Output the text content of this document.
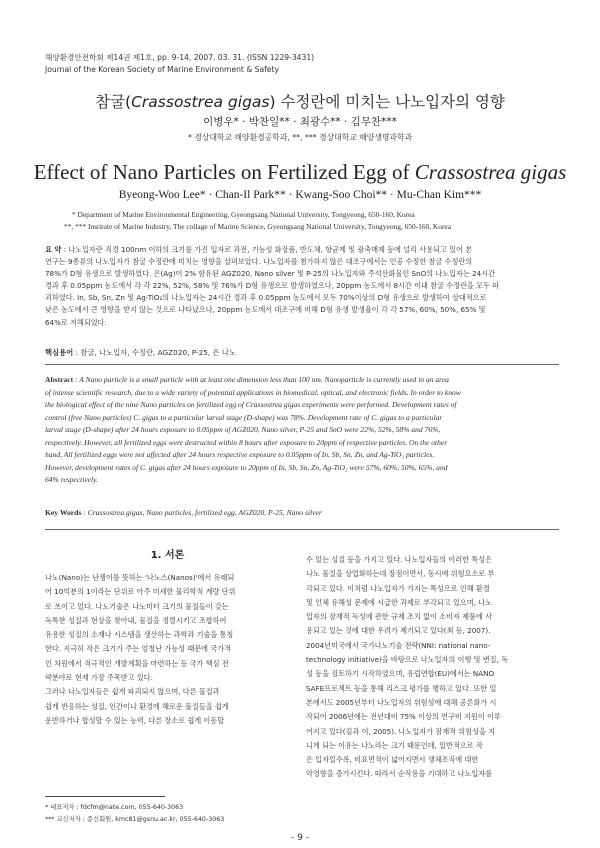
해양환경안전학회 제14권 제1호, pp. 9-14, 2007. 03. 31. (ISSN 1229-3431)
Journal of the Korean Society of Marine Environment & Safety
참굴(Crassostrea gigas) 수정란에 미치는 나노입자의 영향
이병우* · 박찬일** · 최광수** · 김무찬***
* 경상대학교 해양환경공학과, **, *** 경상대학교 해양생명과학과
Effect of Nano Particles on Fertilized Egg of Crassostrea gigas
Byeong-Woo Lee* · Chan-Il Park** · Kwang-Soo Choi** · Mu-Chan Kim***
* Department of Marine Environmental Engineering, Gyeongsang National University, Tongyeong, 650-160, Korea
**, *** Institute of Marine Industry, The collage of Marine Science, Gyeongsang National University, Tongyeong, 650-160, Korea
요 약 : 나노입자란 직경 100nm 이하의 크기를 가진 입자로 과전, 기능성 화장품, 반도체, 항균제 및 광촉매제 등에 널리 사용되고 있어 본
연구는 9종류의 나노입자가 참굴 수정란에 미치는 영향을 살펴보았다. 나노입자를 첨가하지 않은 대조구에서는 인공 수정한 참굴 수정란의
78%가 D형 유생으로 발생하였다. 은(Ag)이 2% 함유된 AGZ020, Nano silver 및 P-25의 나노입자와 주석산화물인 SnO의 나노입자는 24시간
경과 후 0.05ppm 농도에서 각 각 22%, 52%, 58% 및 76%가 D형 유생으로 발생하였으나, 20ppm 농도에서 8시간 이내 참굴 수정란을 모두 파
괴하였다. In, Sb, Sn, Zn 및 Ag-TiO₂의 나노입자는 24시간 경과 후 0.05ppm 농도에서 모두 70%이상의 D형 유생으로 발생하여 상대적으로
낮은 농도에서 큰 영향을 받지 않는 것으로 나타났으나, 20ppm 농도에서 대조구에 비해 D형 유생 발생율이 각 각 57%, 60%, 50%, 65% 및
64%로 저해되었다.
핵심용어 : 참굴, 나노입자, 수정란, AGZ020, P-25, 은 나노
Abstract : A Nano particle is a small particle with at least one dimension less than 100 nm. Nanoparticle is currently used in an area
of intense scientific research, due to a wide variety of potential applications in biomedical, optical, and electronic fields. In order to know
the biological effect of the nine Nano particles on fertilized egg of Crassostrea gigas experiments were performed. Development rates of
control (free Nano particles) C. gigas to a particular larval stage (D-shape) was 78%. Development rate of C. gigas to a particular
larval stage (D-shape) after 24 hours exposure to 0.05ppm of AGZ020, Nano silver, P-25 and SnO were 22%, 52%, 58% and 76%,
respectively. However, all fertilized eggs were destructed within 8 hours after exposure to 20ppm of respective particles. On the other
hand, All fertilized eggs were not affected after 24 hours respective exposure to 0.05ppm of In, Sb, Sn, Zn, and Ag-TiO₂ particles.
However, development rates of C. gigas after 24 hours exposure to 20ppm of In, Sb, Sn, Zn, Ag-TiO₂ were 57%, 60%, 50%, 65%, and
64% respectively.
Key Words : Crassostrea gigas, Nano particles, fertilized egg, AGZ020, P-25, Nano silver
1. 서론
나노(Nano)는 난쟁이를 뜻하는 '나노스(Nanos)'에서 유래되
어 10억분의 1이라는 단위로 아주 미세한 물리학적 계량 단위
로 쓰이고 있다. 나노기술은 나노미터 크기의 물질들이 갖는
독특한 성질과 현상을 찾아내, 물질을 정렬시키고 조합하여
유용한 성질의 소재나 시스템을 생산하는 과학과 기술을 통칭
한다. 지극히 작은 크기가 주는 엄청난 가능성 때문에 국가적
인 차원에서 적극적인 개발계획을 마련하는 등 국가 핵심 전
략분야로 현재 가장 주목받고 있다.
그러나 나노입자들은 쉽게 파괴되지 않으며, 다른 물질과
쉽게 반응하는 성질, 인간이나 환경에 해로운 물질들을 쉽게
운반하거나 합성할 수 있는 능력, 다른 장소로 쉽게 이동할
수 있는 성질 등을 가지고 있다. 나노입자들의 이러한 특성은
나노 물질을 상업화하는데 장점이면서, 동시에 위험요소로 부
각되고 있다. 이처럼 나노입자가 가지는 특성으로 인해 환경
및 인체 유해성 문제에 시급한 과제로 부각되고 있으며, 나노
입자의 잠재적 독성에 관한 규제 조치 없이 소비자 제품에 사
용되고 있는 것에 대한 우려가 제기되고 있다(최 등, 2007).
2004년미국에서 국가나노기술 전략(NNI: national nano-
technology initiative)을 바탕으로 나노입자의 이행 및 변질, 독
성 등을 검토하기 시작하였으며, 유럽연합(EU)에서는 NANO
SAFE프로젝트 등을 통해 리스크 평가를 행하고 있다. 또한 일
본에서도 2005년부터 나노입자의 위험성에 대해 공론화가 시
작되어 2006년에는 전년대비 75% 이상의 연구비 지원이 이루
어지고 있다(김과 이, 2005). 나노입자가 잠재적 위험성을 지
니게 되는 이유는 나노라는 크기 때문인데, 일반적으로 작
은 입자일수록, 비표면적이 넓어지면서 생체조직에 대한
악영향을 증가시킨다. 따라서 순작용을 기대하고 나노입자를
* 대표저자 : fdcfm@nate.com, 055-640-3063
*** 교신저자 : 종신회원, kmc81@gsnu.ac.kr, 055-640-3063
- 9 -
